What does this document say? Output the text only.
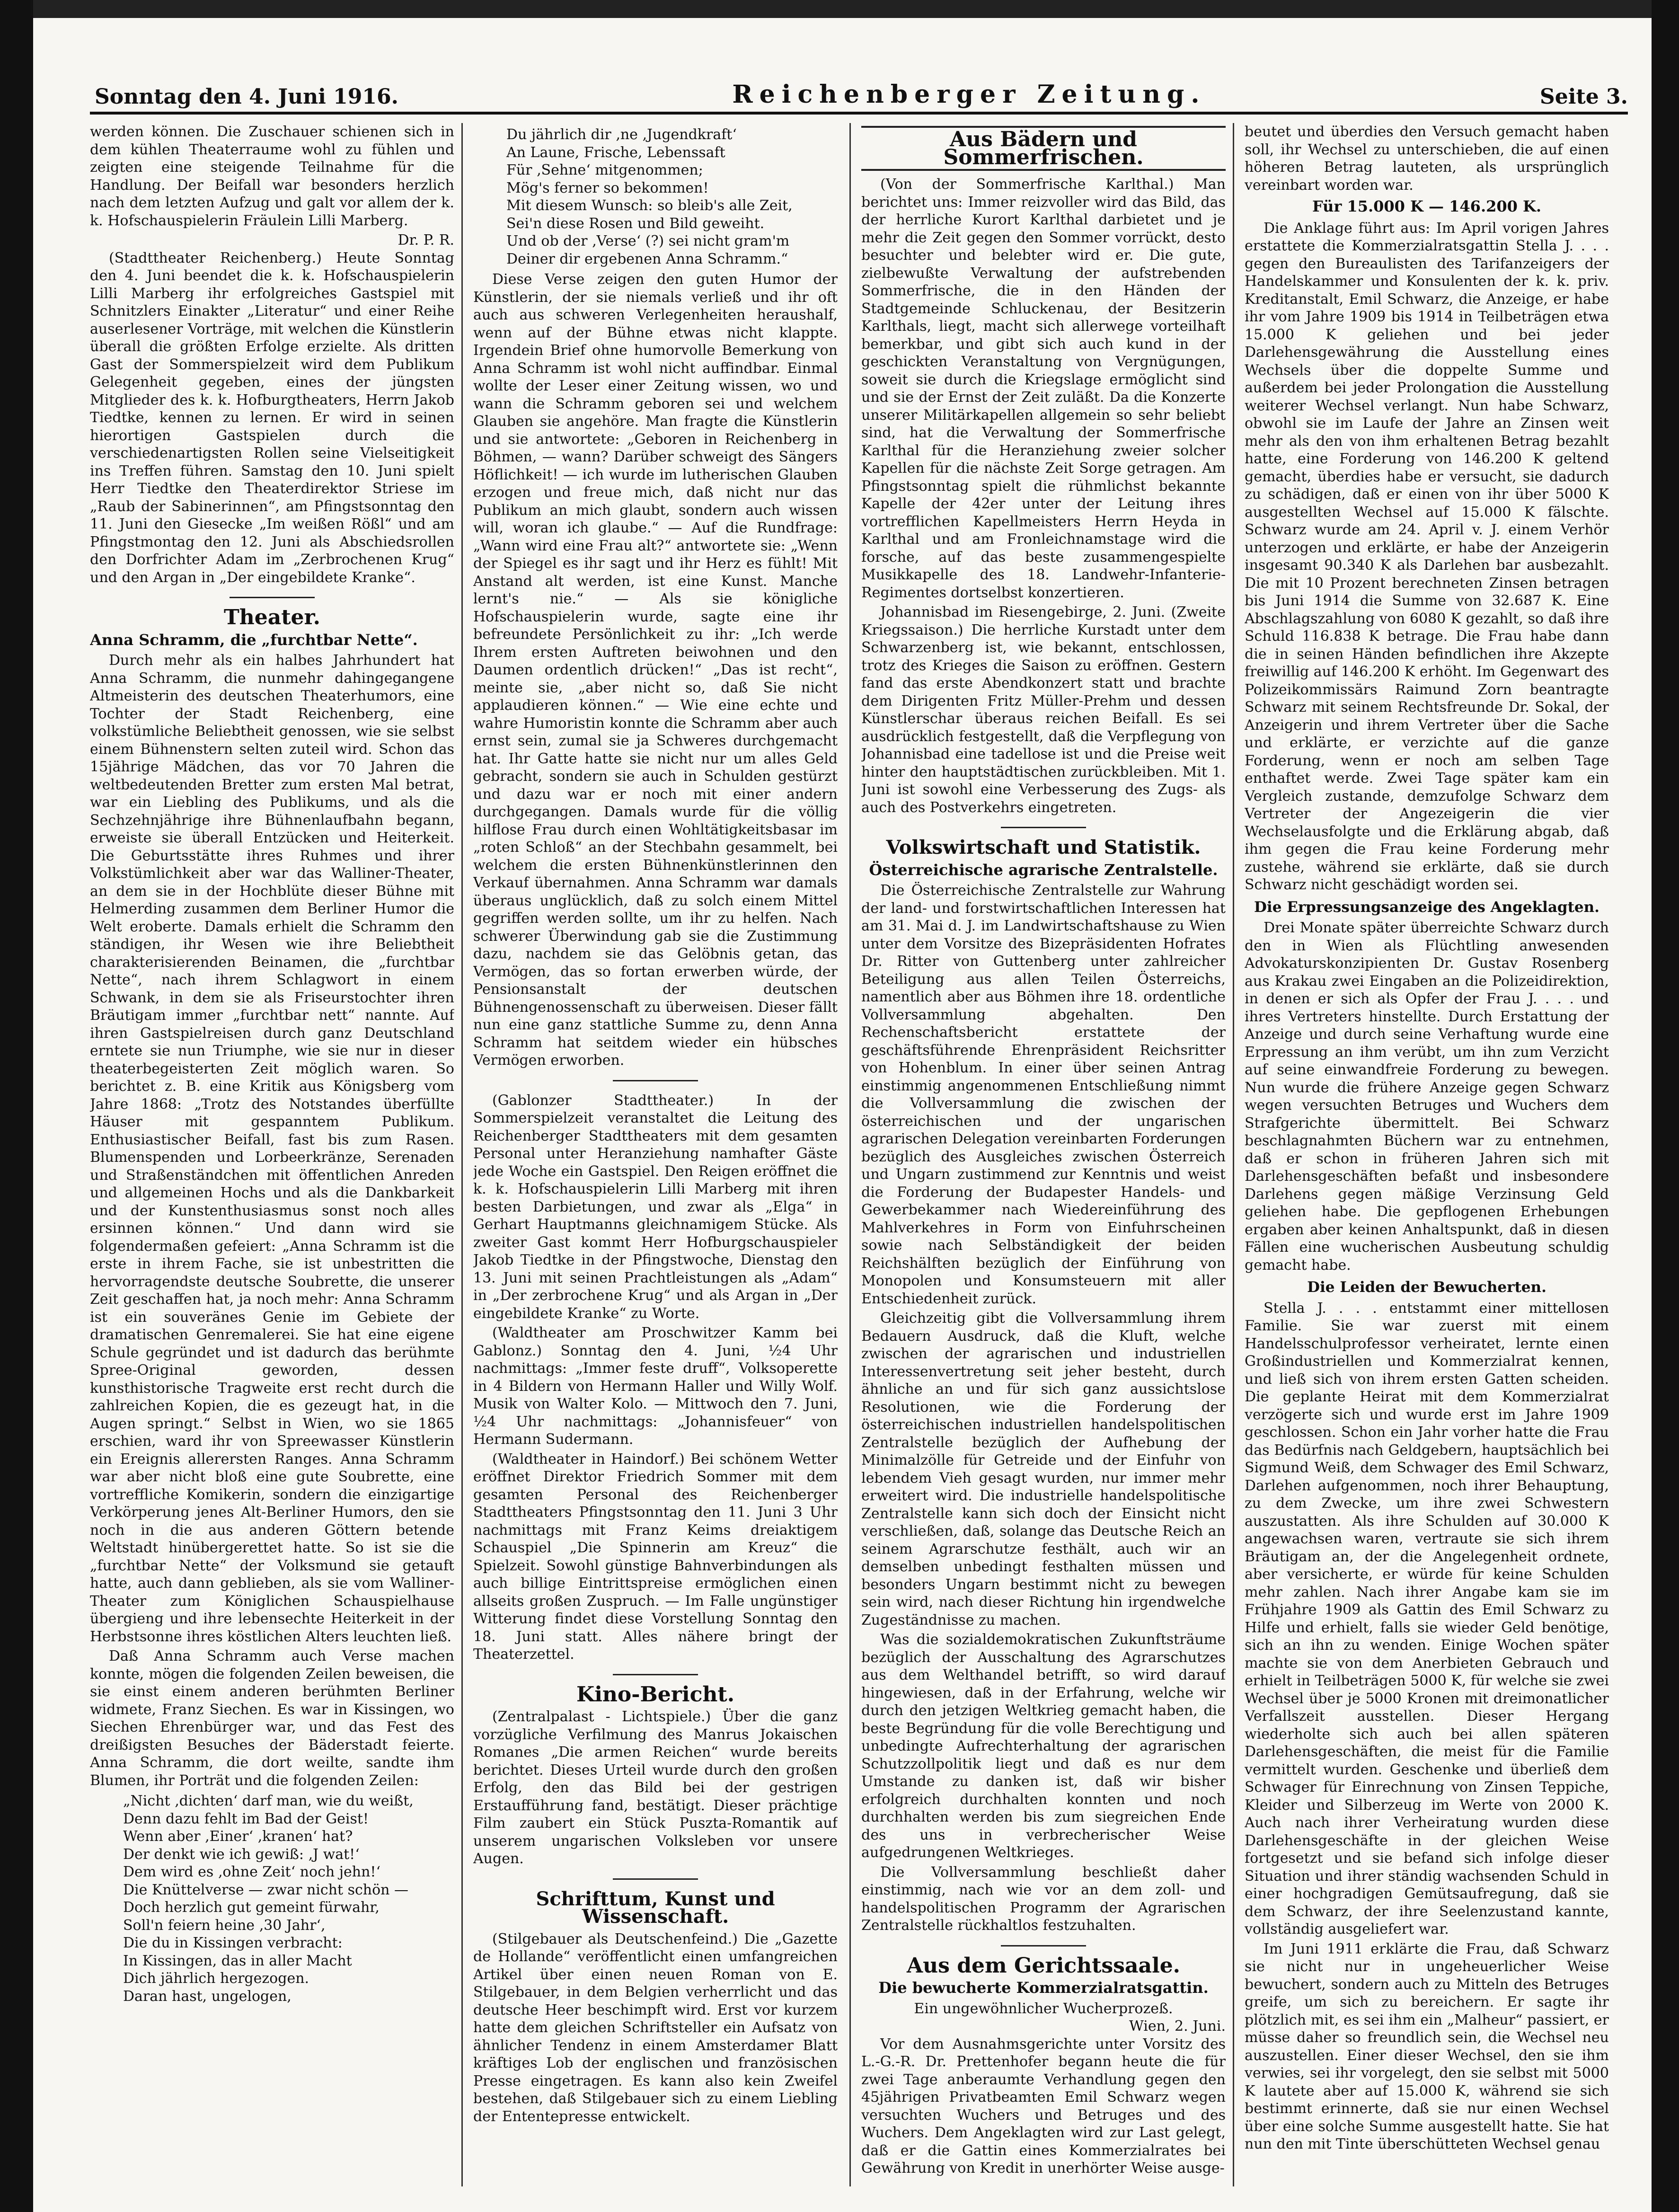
Sonntag den 4. Juni 1916.	Reichenberger Zeitung.	Seite 3.

werden können. Die Zuschauer schienen sich in dem kühlen Theaterraume wohl zu fühlen und zeigten eine steigende Teilnahme für die Handlung. Der Beifall war besonders herzlich nach dem letzten Aufzug und galt vor allem der k. k. Hofschauspielerin Fräulein Lilli Marberg.

Dr. P. R.

(Stadttheater Reichenberg.) Heute Sonntag den 4. Juni beendet die k. k. Hofschauspielerin Lilli Marberg ihr erfolgreiches Gastspiel mit Schnitzlers Einakter „Literatur“ und einer Reihe auserlesener Vorträge, mit welchen die Künstlerin überall die größten Erfolge erzielte. Als dritten Gast der Sommerspielzeit wird dem Publikum Gelegenheit gegeben, eines der jüngsten Mitglieder des k. k. Hofburgtheaters, Herrn Jakob Tiedtke, kennen zu lernen. Er wird in seinen hierortigen Gastspielen durch die verschiedenartigsten Rollen seine Vielseitigkeit ins Treffen führen. Samstag den 10. Juni spielt Herr Tiedtke den Theaterdirektor Striese im „Raub der Sabinerinnen“, am Pfingstsonntag den 11. Juni den Giesecke „Im weißen Rößl“ und am Pfingstmontag den 12. Juni als Abschiedsrollen den Dorfrichter Adam im „Zerbrochenen Krug“ und den Argan in „Der eingebildete Kranke“.

Theater.
Anna Schramm, die „furchtbar Nette“.

Durch mehr als ein halbes Jahrhundert hat Anna Schramm, die nunmehr dahingegangene Altmeisterin des deutschen Theaterhumors, eine Tochter der Stadt Reichenberg, eine volkstümliche Beliebtheit genossen, wie sie selbst einem Bühnenstern selten zuteil wird. Schon das 15jährige Mädchen, das vor 70 Jahren die weltbedeutenden Bretter zum ersten Mal betrat, war ein Liebling des Publikums, und als die Sechzehnjährige ihre Bühnenlaufbahn begann, erweiste sie überall Entzücken und Heiterkeit. Die Geburtsstätte ihres Ruhmes und ihrer Volkstümlichkeit aber war das Walliner-Theater, an dem sie in der Hochblüte dieser Bühne mit Helmerding zusammen dem Berliner Humor die Welt eroberte. Damals erhielt die Schramm den ständigen, ihr Wesen wie ihre Beliebtheit charakterisierenden Beinamen, die „furchtbar Nette“, nach ihrem Schlagwort in einem Schwank, in dem sie als Friseurstochter ihren Bräutigam immer „furchtbar nett“ nannte. Auf ihren Gastspielreisen durch ganz Deutschland erntete sie nun Triumphe, wie sie nur in dieser theaterbegeisterten Zeit möglich waren. So berichtet z. B. eine Kritik aus Königsberg vom Jahre 1868: „Trotz des Notstandes überfüllte Häuser mit gespanntem Publikum. Enthusiastischer Beifall, fast bis zum Rasen. Blumenspenden und Lorbeerkränze, Serenaden und Straßenständchen mit öffentlichen Anreden und allgemeinen Hochs und als die Dankbarkeit und der Kunstenthusiasmus sonst noch alles ersinnen können.“ Und dann wird sie folgendermaßen gefeiert: „Anna Schramm ist die erste in ihrem Fache, sie ist unbestritten die hervorragendste deutsche Soubrette, die unserer Zeit geschaffen hat, ja noch mehr: Anna Schramm ist ein souveränes Genie im Gebiete der dramatischen Genremalerei. Sie hat eine eigene Schule gegründet und ist dadurch das berühmte Spree-Original geworden, dessen kunsthistorische Tragweite erst recht durch die zahlreichen Kopien, die es gezeugt hat, in die Augen springt.“ Selbst in Wien, wo sie 1865 erschien, ward ihr von Spreewasser Künstlerin ein Ereignis allerersten Ranges. Anna Schramm war aber nicht bloß eine gute Soubrette, eine vortreffliche Komikerin, sondern die einzigartige Verkörperung jenes Alt-Berliner Humors, den sie noch in die aus anderen Göttern betende Weltstadt hinübergerettet hatte. So ist sie die „furchtbar Nette“ der Volksmund sie getauft hatte, auch dann geblieben, als sie vom Walliner-Theater zum Königlichen Schauspielhause übergieng und ihre lebensechte Heiterkeit in der Herbstsonne ihres köstlichen Alters leuchten ließ.

Daß Anna Schramm auch Verse machen konnte, mögen die folgenden Zeilen beweisen, die sie einst einem anderen berühmten Berliner widmete, Franz Siechen. Es war in Kissingen, wo Siechen Ehrenbürger war, und das Fest des dreißigsten Besuches der Bäderstadt feierte. Anna Schramm, die dort weilte, sandte ihm Blumen, ihr Porträt und die folgenden Zeilen:

„Nicht ‚dichten‘ darf man, wie du weißt,
Denn dazu fehlt im Bad der Geist!
Wenn aber ‚Einer‘ ‚kranen‘ hat?
Der denkt wie ich gewiß: ‚J wat!‘
Dem wird es ‚ohne Zeit‘ noch jehn!‘
Die Knüttelverse — zwar nicht schön —
Doch herzlich gut gemeint fürwahr,
Soll'n feiern heine ‚30 Jahr‘,
Die du in Kissingen verbracht:
In Kissingen, das in aller Macht
Dich jährlich hergezogen.
Daran hast, ungelogen,
Du jährlich dir ‚ne ‚Jugendkraft‘
An Laune, Frische, Lebenssaft
Für ‚Sehne‘ mitgenommen;
Mög's ferner so bekommen!
Mit diesem Wunsch: so bleib's alle Zeit,
Sei'n diese Rosen und Bild geweiht.
Und ob der ‚Verse‘ (?) sei nicht gram'm
Deiner dir ergebenen Anna Schramm.“

Diese Verse zeigen den guten Humor der Künstlerin, der sie niemals verließ und ihr oft auch aus schweren Verlegenheiten heraushalf, wenn auf der Bühne etwas nicht klappte. Irgendein Brief ohne humorvolle Bemerkung von Anna Schramm ist wohl nicht auffindbar. Einmal wollte der Leser einer Zeitung wissen, wo und wann die Schramm geboren sei und welchem Glauben sie angehöre. Man fragte die Künstlerin und sie antwortete: „Geboren in Reichenberg in Böhmen, — wann? Darüber schweigt des Sängers Höflichkeit! — ich wurde im lutherischen Glauben erzogen und freue mich, daß nicht nur das Publikum an mich glaubt, sondern auch wissen will, woran ich glaube.“ — Auf die Rundfrage: „Wann wird eine Frau alt?“ antwortete sie: „Wenn der Spiegel es ihr sagt und ihr Herz es fühlt! Mit Anstand alt werden, ist eine Kunst. Manche lernt's nie.“ — Als sie königliche Hofschauspielerin wurde, sagte eine ihr befreundete Persönlichkeit zu ihr: „Ich werde Ihrem ersten Auftreten beiwohnen und den Daumen ordentlich drücken!“ „Das ist recht“, meinte sie, „aber nicht so, daß Sie nicht applaudieren können.“ — Wie eine echte und wahre Humoristin konnte die Schramm aber auch ernst sein, zumal sie ja Schweres durchgemacht hat. Ihr Gatte hatte sie nicht nur um alles Geld gebracht, sondern sie auch in Schulden gestürzt und dazu war er noch mit einer andern durchgegangen. Damals wurde für die völlig hilflose Frau durch einen Wohltätigkeitsbasar im „roten Schloß“ an der Stechbahn gesammelt, bei welchem die ersten Bühnenkünstlerinnen den Verkauf übernahmen. Anna Schramm war damals überaus unglücklich, daß zu solch einem Mittel gegriffen werden sollte, um ihr zu helfen. Nach schwerer Überwindung gab sie die Zustimmung dazu, nachdem sie das Gelöbnis getan, das Vermögen, das so fortan erwerben würde, der Pensionsanstalt der deutschen Bühnengenossenschaft zu überweisen. Dieser fällt nun eine ganz stattliche Summe zu, denn Anna Schramm hat seitdem wieder ein hübsches Vermögen erworben.

(Gablonzer Stadttheater.) In der Sommerspielzeit veranstaltet die Leitung des Reichenberger Stadttheaters mit dem gesamten Personal unter Heranziehung namhafter Gäste jede Woche ein Gastspiel. Den Reigen eröffnet die k. k. Hofschauspielerin Lilli Marberg mit ihren besten Darbietungen, und zwar als „Elga“ in Gerhart Hauptmanns gleichnamigem Stücke. Als zweiter Gast kommt Herr Hofburgschauspieler Jakob Tiedtke in der Pfingstwoche, Dienstag den 13. Juni mit seinen Prachtleistungen als „Adam“ in „Der zerbrochene Krug“ und als Argan in „Der eingebildete Kranke“ zu Worte.

(Waldtheater am Proschwitzer Kamm bei Gablonz.) Sonntag den 4. Juni, ½4 Uhr nachmittags: „Immer feste druff“, Volksoperette in 4 Bildern von Hermann Haller und Willy Wolf. Musik von Walter Kolo. — Mittwoch den 7. Juni, ½4 Uhr nachmittags: „Johannisfeuer“ von Hermann Sudermann.

(Waldtheater in Haindorf.) Bei schönem Wetter eröffnet Direktor Friedrich Sommer mit dem gesamten Personal des Reichenberger Stadttheaters Pfingstsonntag den 11. Juni 3 Uhr nachmittags mit Franz Keims dreiaktigem Schauspiel „Die Spinnerin am Kreuz“ die Spielzeit. Sowohl günstige Bahnverbindungen als auch billige Eintrittspreise ermöglichen einen allseits großen Zuspruch. — Im Falle ungünstiger Witterung findet diese Vorstellung Sonntag den 18. Juni statt. Alles nähere bringt der Theaterzettel.

Kino-Bericht.

(Zentralpalast - Lichtspiele.) Über die ganz vorzügliche Verfilmung des Manrus Jokaischen Romanes „Die armen Reichen“ wurde bereits berichtet. Dieses Urteil wurde durch den großen Erfolg, den das Bild bei der gestrigen Erstaufführung fand, bestätigt. Dieser prächtige Film zaubert ein Stück Puszta-Romantik auf unserem ungarischen Volksleben vor unsere Augen.

Schrifttum, Kunst und Wissenschaft.

(Stilgebauer als Deutschenfeind.) Die „Gazette de Hollande“ veröffentlicht einen umfangreichen Artikel über einen neuen Roman von E. Stilgebauer, in dem Belgien verherrlicht und das deutsche Heer beschimpft wird. Erst vor kurzem hatte dem gleichen Schriftsteller ein Aufsatz von ähnlicher Tendenz in einem Amsterdamer Blatt kräftiges Lob der englischen und französischen Presse eingetragen. Es kann also kein Zweifel bestehen, daß Stilgebauer sich zu einem Liebling der Ententepresse entwickelt.

Aus Bädern und Sommerfrischen.

(Von der Sommerfrische Karlthal.) Man berichtet uns: Immer reizvoller wird das Bild, das der herrliche Kurort Karlthal darbietet und je mehr die Zeit gegen den Sommer vorrückt, desto besuchter und belebter wird er. Die gute, zielbewußte Verwaltung der aufstrebenden Sommerfrische, die in den Händen der Stadtgemeinde Schluckenau, der Besitzerin Karlthals, liegt, macht sich allerwege vorteilhaft bemerkbar, und gibt sich auch kund in der geschickten Veranstaltung von Vergnügungen, soweit sie durch die Kriegslage ermöglicht sind und sie der Ernst der Zeit zuläßt. Da die Konzerte unserer Militärkapellen allgemein so sehr beliebt sind, hat die Verwaltung der Sommerfrische Karlthal für die Heranziehung zweier solcher Kapellen für die nächste Zeit Sorge getragen. Am Pfingstsonntag spielt die rühmlichst bekannte Kapelle der 42er unter der Leitung ihres vortrefflichen Kapellmeisters Herrn Heyda in Karlthal und am Fronleichnamstage wird die forsche, auf das beste zusammengespielte Musikkapelle des 18. Landwehr-Infanterie-Regimentes dortselbst konzertieren.

Johannisbad im Riesengebirge, 2. Juni. (Zweite Kriegssaison.) Die herrliche Kurstadt unter dem Schwarzenberg ist, wie bekannt, entschlossen, trotz des Krieges die Saison zu eröffnen. Gestern fand das erste Abendkonzert statt und brachte dem Dirigenten Fritz Müller-Prehm und dessen Künstlerschar überaus reichen Beifall. Es sei ausdrücklich festgestellt, daß die Verpflegung von Johannisbad eine tadellose ist und die Preise weit hinter den hauptstädtischen zurückbleiben. Mit 1. Juni ist sowohl eine Verbesserung des Zugs- als auch des Postverkehrs eingetreten.

Volkswirtschaft und Statistik.
Österreichische agrarische Zentralstelle.

Die Österreichische Zentralstelle zur Wahrung der land- und forstwirtschaftlichen Interessen hat am 31. Mai d. J. im Landwirtschaftshause zu Wien unter dem Vorsitze des Bizepräsidenten Hofrates Dr. Ritter von Guttenberg unter zahlreicher Beteiligung aus allen Teilen Österreichs, namentlich aber aus Böhmen ihre 18. ordentliche Vollversammlung abgehalten. Den Rechenschaftsbericht erstattete der geschäftsführende Ehrenpräsident Reichsritter von Hohenblum. In einer über seinen Antrag einstimmig angenommenen Entschließung nimmt die Vollversammlung die zwischen der österreichischen und der ungarischen agrarischen Delegation vereinbarten Forderungen bezüglich des Ausgleiches zwischen Österreich und Ungarn zustimmend zur Kenntnis und weist die Forderung der Budapester Handels- und Gewerbekammer nach Wiedereinführung des Mahlverkehres in Form von Einfuhrscheinen sowie nach Selbständigkeit der beiden Reichshälften bezüglich der Einführung von Monopolen und Konsumsteuern mit aller Entschiedenheit zurück.

Gleichzeitig gibt die Vollversammlung ihrem Bedauern Ausdruck, daß die Kluft, welche zwischen der agrarischen und industriellen Interessenvertretung seit jeher besteht, durch ähnliche an und für sich ganz aussichtslose Resolutionen, wie die Forderung der österreichischen industriellen handelspolitischen Zentralstelle bezüglich der Aufhebung der Minimalzölle für Getreide und der Einfuhr von lebendem Vieh gesagt wurden, nur immer mehr erweitert wird. Die industrielle handelspolitische Zentralstelle kann sich doch der Einsicht nicht verschließen, daß, solange das Deutsche Reich an seinem Agrarschutze festhält, auch wir an demselben unbedingt festhalten müssen und besonders Ungarn bestimmt nicht zu bewegen sein wird, nach dieser Richtung hin irgendwelche Zugeständnisse zu machen.

Was die sozialdemokratischen Zukunftsträume bezüglich der Ausschaltung des Agrarschutzes aus dem Welthandel betrifft, so wird darauf hingewiesen, daß in der Erfahrung, welche wir durch den jetzigen Weltkrieg gemacht haben, die beste Begründung für die volle Berechtigung und unbedingte Aufrechterhaltung der agrarischen Schutzzollpolitik liegt und daß es nur dem Umstande zu danken ist, daß wir bisher erfolgreich durchhalten konnten und noch durchhalten werden bis zum siegreichen Ende des uns in verbrecherischer Weise aufgedrungenen Weltkrieges.

Die Vollversammlung beschließt daher einstimmig, nach wie vor an dem zoll- und handelspolitischen Programm der Agrarischen Zentralstelle rückhaltlos festzuhalten.

Aus dem Gerichtssaale.
Die bewucherte Kommerzialratsgattin.
Ein ungewöhnlicher Wucherprozeß.
Wien, 2. Juni.

Vor dem Ausnahmsgerichte unter Vorsitz des L.-G.-R. Dr. Prettenhofer begann heute die für zwei Tage anberaumte Verhandlung gegen den 45jährigen Privatbeamten Emil Schwarz wegen versuchten Wuchers und Betruges und des Wuchers. Dem Angeklagten wird zur Last gelegt, daß er die Gattin eines Kommerzialrates bei Gewährung von Kredit in unerhörter Weise ausge-

beutet und überdies den Versuch gemacht haben soll, ihr Wechsel zu unterschieben, die auf einen höheren Betrag lauteten, als ursprünglich vereinbart worden war.

Für 15.000 K — 146.200 K.

Die Anklage führt aus: Im April vorigen Jahres erstattete die Kommerzialratsgattin Stella J. . . . gegen den Bureaulisten des Tarifanzeigers der Handelskammer und Konsulenten der k. k. priv. Kreditanstalt, Emil Schwarz, die Anzeige, er habe ihr vom Jahre 1909 bis 1914 in Teilbeträgen etwa 15.000 K geliehen und bei jeder Darlehensgewährung die Ausstellung eines Wechsels über die doppelte Summe und außerdem bei jeder Prolongation die Ausstellung weiterer Wechsel verlangt. Nun habe Schwarz, obwohl sie im Laufe der Jahre an Zinsen weit mehr als den von ihm erhaltenen Betrag bezahlt hatte, eine Forderung von 146.200 K geltend gemacht, überdies habe er versucht, sie dadurch zu schädigen, daß er einen von ihr über 5000 K ausgestellten Wechsel auf 15.000 K fälschte. Schwarz wurde am 24. April v. J. einem Verhör unterzogen und erklärte, er habe der Anzeigerin insgesamt 90.340 K als Darlehen bar ausbezahlt. Die mit 10 Prozent berechneten Zinsen betragen bis Juni 1914 die Summe von 32.687 K. Eine Abschlagszahlung von 6080 K gezahlt, so daß ihre Schuld 116.838 K betrage. Die Frau habe dann die in seinen Händen befindlichen ihre Akzepte freiwillig auf 146.200 K erhöht. Im Gegenwart des Polizeikommissärs Raimund Zorn beantragte Schwarz mit seinem Rechtsfreunde Dr. Sokal, der Anzeigerin und ihrem Vertreter über die Sache und erklärte, er verzichte auf die ganze Forderung, wenn er noch am selben Tage enthaftet werde. Zwei Tage später kam ein Vergleich zustande, demzufolge Schwarz dem Vertreter der Angezeigerin die vier Wechselausfolgte und die Erklärung abgab, daß ihm gegen die Frau keine Forderung mehr zustehe, während sie erklärte, daß sie durch Schwarz nicht geschädigt worden sei.

Die Erpressungsanzeige des Angeklagten.

Drei Monate später überreichte Schwarz durch den in Wien als Flüchtling anwesenden Advokaturskonzipienten Dr. Gustav Rosenberg aus Krakau zwei Eingaben an die Polizeidirektion, in denen er sich als Opfer der Frau J. . . . und ihres Vertreters hinstellte. Durch Erstattung der Anzeige und durch seine Verhaftung wurde eine Erpressung an ihm verübt, um ihn zum Verzicht auf seine einwandfreie Forderung zu bewegen. Nun wurde die frühere Anzeige gegen Schwarz wegen versuchten Betruges und Wuchers dem Strafgerichte übermittelt. Bei Schwarz beschlagnahmten Büchern war zu entnehmen, daß er schon in früheren Jahren sich mit Darlehensgeschäften befaßt und insbesondere Darlehens gegen mäßige Verzinsung Geld geliehen habe. Die gepflogenen Erhebungen ergaben aber keinen Anhaltspunkt, daß in diesen Fällen eine wucherischen Ausbeutung schuldig gemacht habe.

Die Leiden der Bewucherten.

Stella J. . . . entstammt einer mittellosen Familie. Sie war zuerst mit einem Handelsschulprofessor verheiratet, lernte einen Großindustriellen und Kommerzialrat kennen, und ließ sich von ihrem ersten Gatten scheiden. Die geplante Heirat mit dem Kommerzialrat verzögerte sich und wurde erst im Jahre 1909 geschlossen. Schon ein Jahr vorher hatte die Frau das Bedürfnis nach Geldgebern, hauptsächlich bei Sigmund Weiß, dem Schwager des Emil Schwarz, Darlehen aufgenommen, noch ihrer Behauptung, zu dem Zwecke, um ihre zwei Schwestern auszustatten. Als ihre Schulden auf 30.000 K angewachsen waren, vertraute sie sich ihrem Bräutigam an, der die Angelegenheit ordnete, aber versicherte, er würde für keine Schulden mehr zahlen. Nach ihrer Angabe kam sie im Frühjahre 1909 als Gattin des Emil Schwarz zu Hilfe und erhielt, falls sie wieder Geld benötige, sich an ihn zu wenden. Einige Wochen später machte sie von dem Anerbieten Gebrauch und erhielt in Teilbeträgen 5000 K, für welche sie zwei Wechsel über je 5000 Kronen mit dreimonatlicher Verfallszeit ausstellen. Dieser Hergang wiederholte sich auch bei allen späteren Darlehensgeschäften, die meist für die Familie vermittelt wurden. Geschenke und überließ dem Schwager für Einrechnung von Zinsen Teppiche, Kleider und Silberzeug im Werte von 2000 K. Auch nach ihrer Verheiratung wurden diese Darlehensgeschäfte in der gleichen Weise fortgesetzt und sie befand sich infolge dieser Situation und ihrer ständig wachsenden Schuld in einer hochgradigen Gemütsaufregung, daß sie dem Schwarz, der ihre Seelenzustand kannte, vollständig ausgeliefert war.

Im Juni 1911 erklärte die Frau, daß Schwarz sie nicht nur in ungeheuerlicher Weise bewuchert, sondern auch zu Mitteln des Betruges greife, um sich zu bereichern. Er sagte ihr plötzlich mit, es sei ihm ein „Malheur“ passiert, er müsse daher so freundlich sein, die Wechsel neu auszustellen. Einer dieser Wechsel, den sie ihm verwies, sei ihr vorgelegt, den sie selbst mit 5000 K lautete aber auf 15.000 K, während sie sich bestimmt erinnerte, daß sie nur einen Wechsel über eine solche Summe ausgestellt hatte. Sie hat nun den mit Tinte überschütteten Wechsel genau
